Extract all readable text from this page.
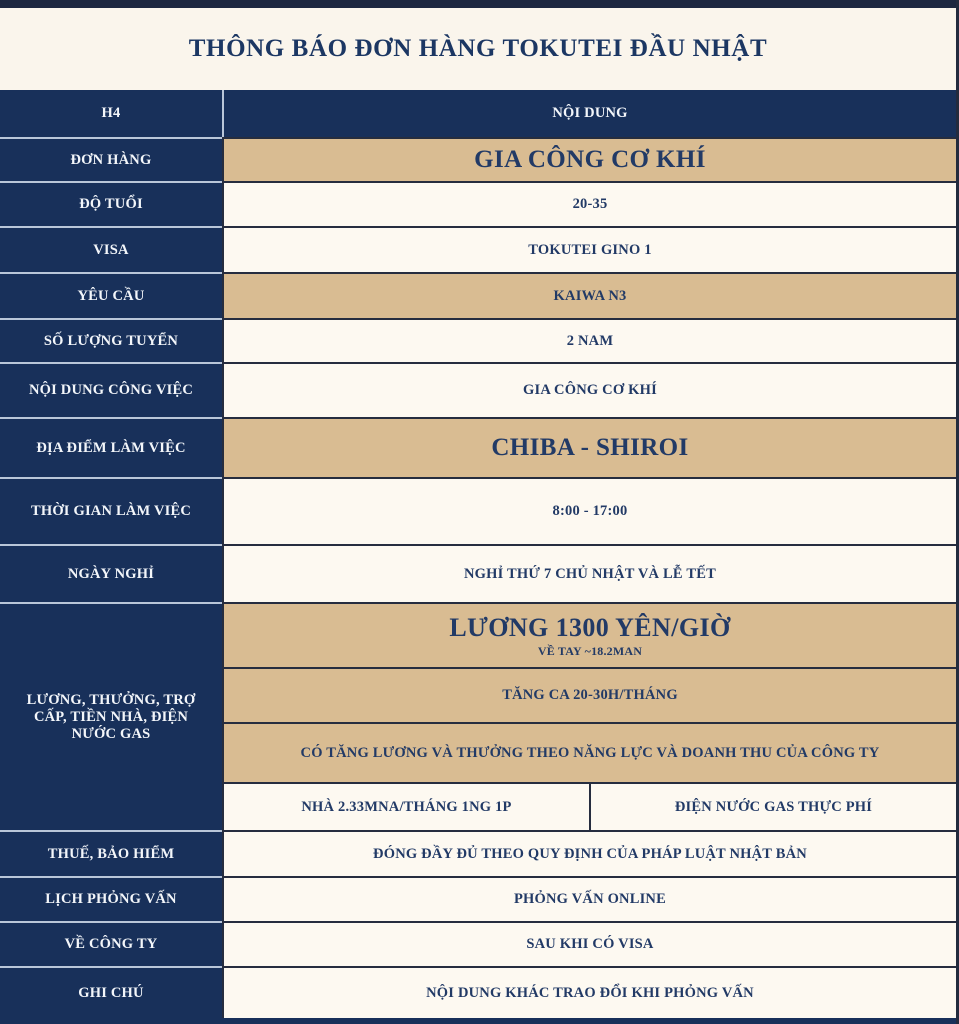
THÔNG BÁO ĐƠN HÀNG TOKUTEI ĐẦU NHẬT
H4	NỘI DUNG
ĐƠN HÀNG	GIA CÔNG CƠ KHÍ
ĐỘ TUỔI	20-35
VISA	TOKUTEI GINO 1
YÊU CẦU	KAIWA N3
SỐ LƯỢNG TUYỂN	2 NAM
NỘI DUNG CÔNG VIỆC	GIA CÔNG CƠ KHÍ
ĐỊA ĐIỂM LÀM VIỆC	CHIBA - SHIROI
THỜI GIAN LÀM VIỆC	8:00 - 17:00
NGÀY NGHỈ	NGHỈ THỨ 7 CHỦ NHẬT VÀ LỄ TẾT
LƯƠNG, THƯỞNG, TRỢ CẤP, TIỀN NHÀ, ĐIỆN NƯỚC GAS
LƯƠNG 1300 YÊN/GIỜ
VỀ TAY ~18.2MAN
TĂNG CA 20-30H/THÁNG
CÓ TĂNG LƯƠNG VÀ THƯỞNG THEO NĂNG LỰC VÀ DOANH THU CỦA CÔNG TY
NHÀ 2.33MNA/THÁNG 1NG 1P	ĐIỆN NƯỚC GAS THỰC PHÍ
THUẾ, BẢO HIỂM	ĐÓNG ĐẦY ĐỦ THEO QUY ĐỊNH CỦA PHÁP LUẬT NHẬT BẢN
LỊCH PHỎNG VẤN	PHỎNG VẤN ONLINE
VỀ CÔNG TY	SAU KHI CÓ VISA
GHI CHÚ	NỘI DUNG KHÁC TRAO ĐỔI KHI PHỎNG VẤN
